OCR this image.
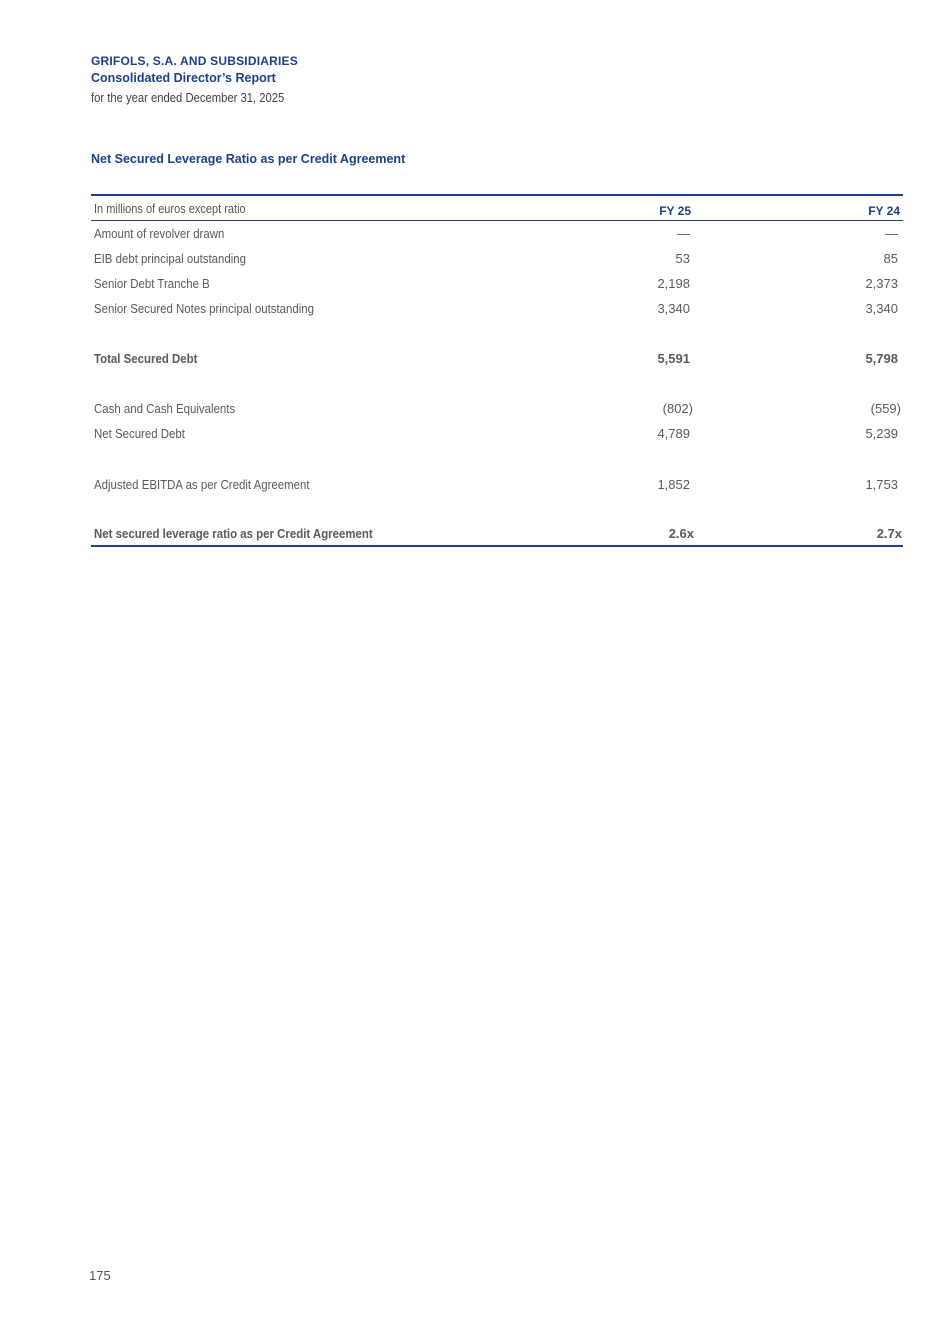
GRIFOLS, S.A. AND SUBSIDIARIES
Consolidated Director’s Report
for the year ended December 31, 2025
Net Secured Leverage Ratio as per Credit Agreement
In millions of euros except ratio	FY 25	FY 24
Amount of revolver drawn	—	—
EIB debt principal outstanding	53	85
Senior Debt Tranche B	2,198	2,373
Senior Secured Notes principal outstanding	3,340	3,340
Total Secured Debt	5,591	5,798
Cash and Cash Equivalents	(802)	(559)
Net Secured Debt	4,789	5,239
Adjusted EBITDA as per Credit Agreement	1,852	1,753
Net secured leverage ratio as per Credit Agreement	2.6x	2.7x
175
